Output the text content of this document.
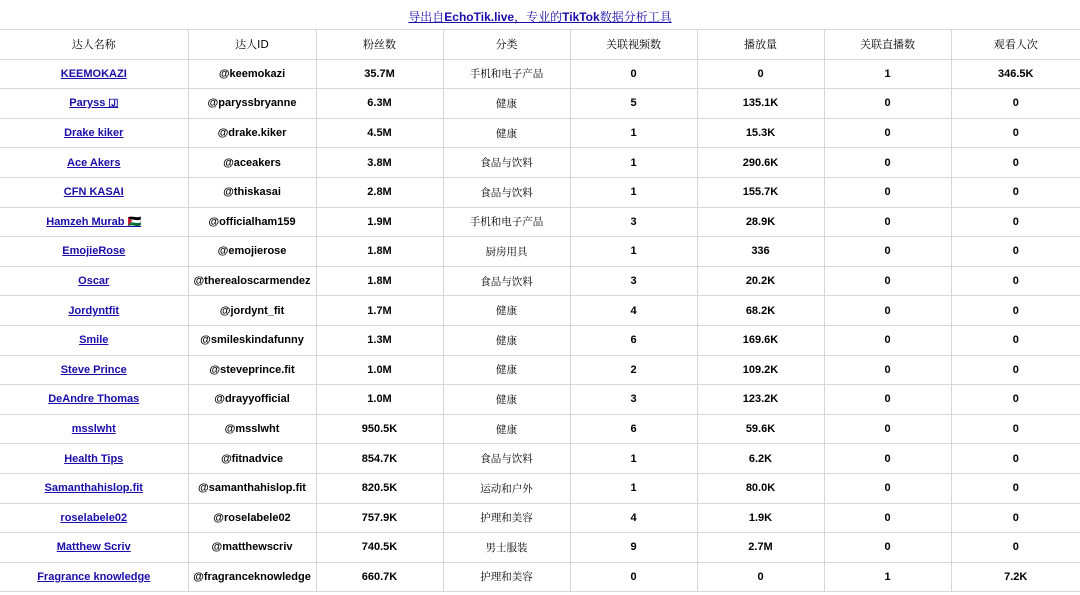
导出自EchoTik.live，专业的TikTok数据分析工具
达人名称	达人ID	粉丝数	分类	关联视频数	播放量	关联直播数	观看人次
KEEMOKAZI	@keemokazi	35.7M	手机和电子产品	0	0	1	346.5K
Paryss 🇯	@paryssbryanne	6.3M	健康	5	135.1K	0	0
Drake kiker	@drake.kiker	4.5M	健康	1	15.3K	0	0
Ace Akers	@aceakers	3.8M	食品与饮料	1	290.6K	0	0
CFN KASAI	@thiskasai	2.8M	食品与饮料	1	155.7K	0	0
Hamzeh Murab 🇵🇸	@officialham159	1.9M	手机和电子产品	3	28.9K	0	0
EmojieRose	@emojierose	1.8M	厨房用具	1	336	0	0
Oscar	@therealoscarmendez	1.8M	食品与饮料	3	20.2K	0	0
Jordyntfit	@jordynt_fit	1.7M	健康	4	68.2K	0	0
Smile	@smileskindafunny	1.3M	健康	6	169.6K	0	0
Steve Prince	@steveprince.fit	1.0M	健康	2	109.2K	0	0
DeAndre Thomas	@drayyofficial	1.0M	健康	3	123.2K	0	0
msslwht	@msslwht	950.5K	健康	6	59.6K	0	0
Health Tips	@fitnadvice	854.7K	食品与饮料	1	6.2K	0	0
Samanthahislop.fit	@samanthahislop.fit	820.5K	运动和户外	1	80.0K	0	0
roselabele02	@roselabele02	757.9K	护理和美容	4	1.9K	0	0
Matthew Scriv	@matthewscriv	740.5K	男士服装	9	2.7M	0	0
Fragrance knowledge	@fragranceknowledge	660.7K	护理和美容	0	0	1	7.2K
